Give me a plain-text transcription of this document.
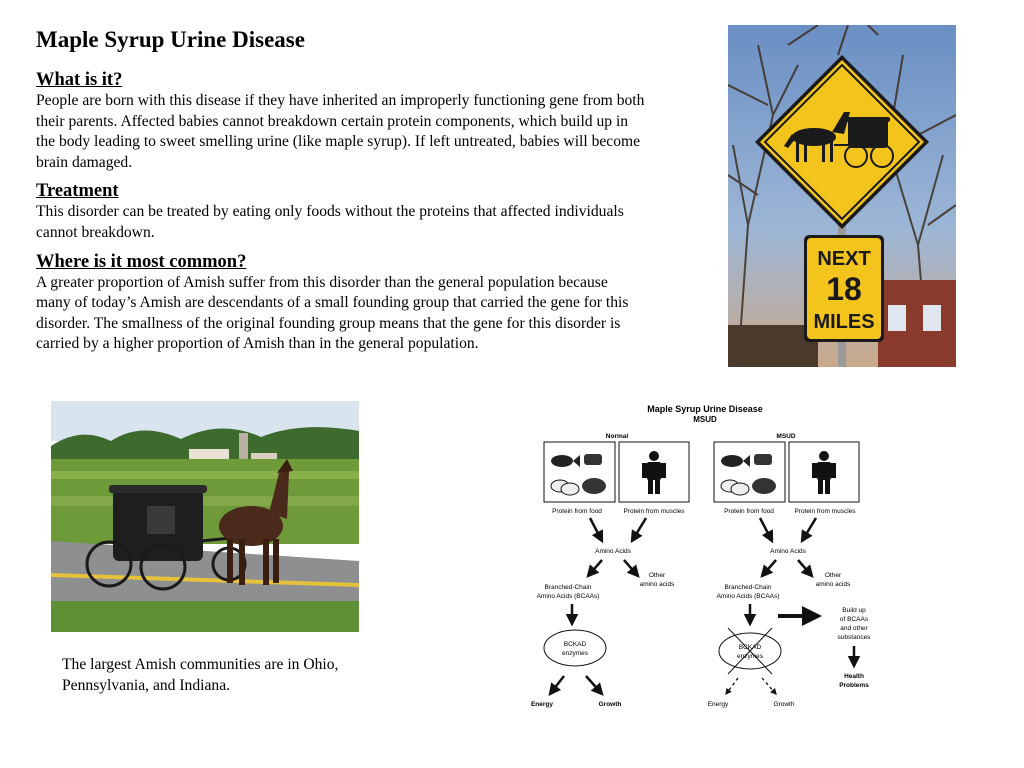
Maple Syrup Urine Disease

What is it?

People are born with this disease if they have inherited an improperly functioning gene from both their parents. Affected babies cannot breakdown certain protein components, which build up in the body leading to sweet smelling urine (like maple syrup). If left untreated, babies will become brain damaged.

Treatment

This disorder can be treated by eating only foods without the proteins that affected individuals cannot breakdown.

Where is it most common?

A greater proportion of Amish suffer from this disorder than the general population because many of today’s Amish are descendants of a small founding group that carried the gene for this disorder. The smallness of the original founding group means that the gene for this disorder is carried by a higher proportion of Amish than in the general population.

NEXT
18
MILES

The largest Amish communities are in Ohio, Pennsylvania, and Indiana.

Maple Syrup Urine Disease
MSUD
Normal
Protein from food	Protein from muscles
Amino Acids
Branched-Chain
Amino Acids (BCAAs)
Other
amino acids
BCKAD
enzymes
Energy	Growth
MSUD
Protein from food	Protein from muscles
Amino Acids
Branched-Chain
Amino Acids (BCAAs)
Other
amino acids
Build up
of BCAAs
and other
substances
Health
Problems
BCKAD
enzymes
Energy	Growth
